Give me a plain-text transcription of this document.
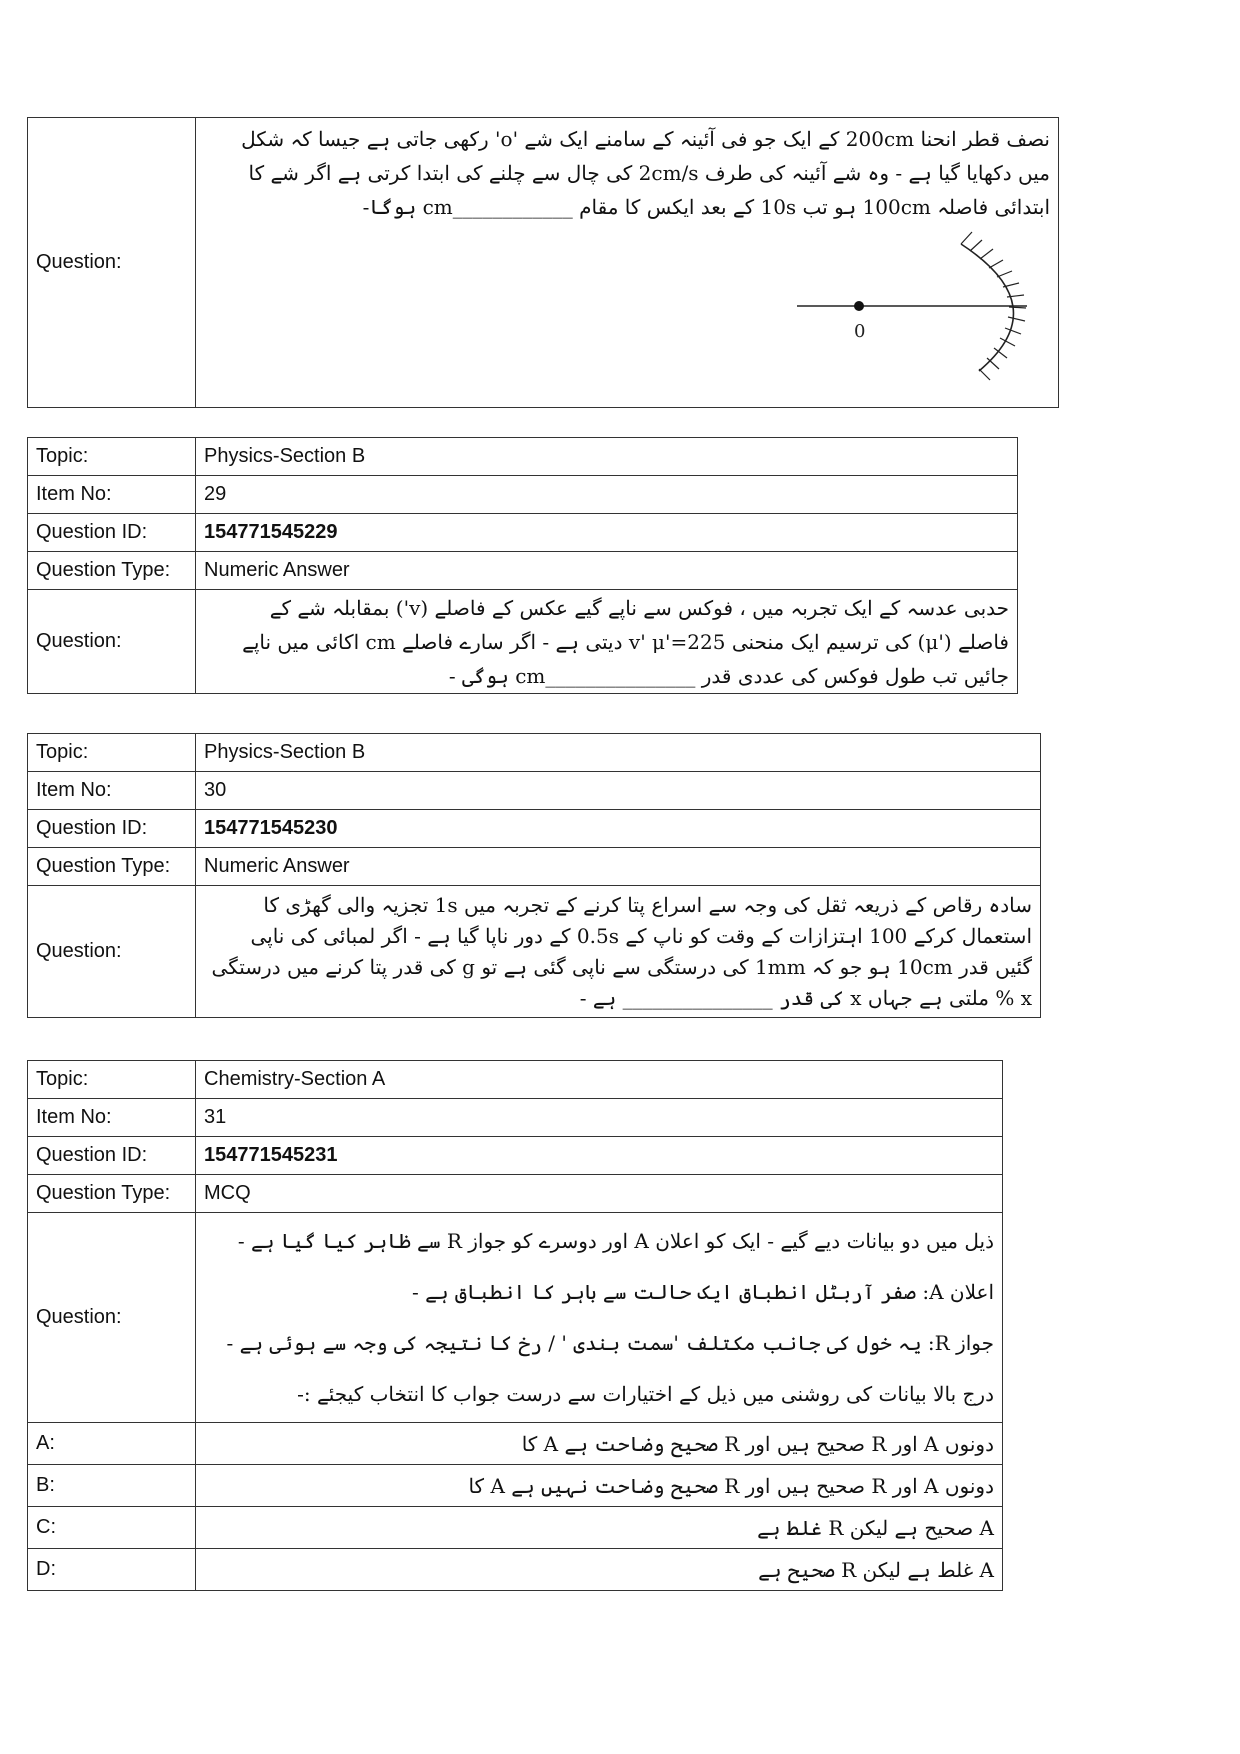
Question:	

نصف قطر انحنا 200cm کے ایک جو فی آئینہ کے سامنے ایک شے 'o' رکھی جاتی ہے جیسا کہ شکل

میں دکھایا گیا ہے - وہ شے آئینہ کی طرف 2cm/s کی چال سے چلنے کی ابتدا کرتی ہے اگر شے کا

ابتدائی فاصلہ 100cm ہو تب 10s کے بعد ایکس کا مقام ____________cm ہوگا-

0
Topic:	Physics-Section B
Item No:	29
Question ID:	154771545229
Question Type:	Numeric Answer
Question:	حدبی عدسہ کے ایک تجربہ میں ، فوکس سے ناپے گیے عکس کے فاصلے (v') بمقابلہ شے کے

فاصلے ('μ) کی ترسیم ایک منحنی v' μ'=225 دیتی ہے - اگر سارے فاصلے cm اکائی میں ناپے

جائیں تب طول فوکس کی عددی قدر _______________cm ہوگی -

Topic:	Physics-Section B
Item No:	30
Question ID:	154771545230
Question Type:	Numeric Answer
Question:	سادہ رقاص کے ذریعہ ثقل کی وجہ سے اسراع پتا کرنے کے تجربہ میں 1s تجزیہ والی گھڑی کا

استعمال کرکے 100 اہتزازات کے وقت کو ناپ کے 0.5s کے دور ناپا گیا ہے - اگر لمبائی کی ناپی

گئیں قدر 10cm ہو جو کہ 1mm کی درستگی سے ناپی گئی ہے تو g کی قدر پتا کرنے میں درستگی

x % ملتی ہے جہاں x کی قدر _______________ ہے -

Topic:	Chemistry-Section A
Item No:	31
Question ID:	154771545231
Question Type:	MCQ
Question:	ذیل میں دو بیانات دیے گیے - ایک کو اعلان A اور دوسرے کو جواز R سے ظاہر کیا گیا ہے -

اعلان A: صفر آربٹل انطباق ایک حالت سے باہر کا انطباق ہے -

جواز R: یہ خول کی جانب مکتلف 'سمت بندی ' / رخ کا نتیجہ کی وجہ سے ہوئی ہے -

درج بالا بیانات کی روشنی میں ذیل کے اختیارات سے درست جواب کا انتخاب کیجئے :-

A:	دونوں A اور R صحیح ہیں اور R صحیح وضاحت ہے A کا

B:	دونوں A اور R صحیح ہیں اور R صحیح وضاحت نہیں ہے A کا

C:	A صحیح ہے لیکن R غلط ہے

D:	A غلط ہے لیکن R صحیح ہے
